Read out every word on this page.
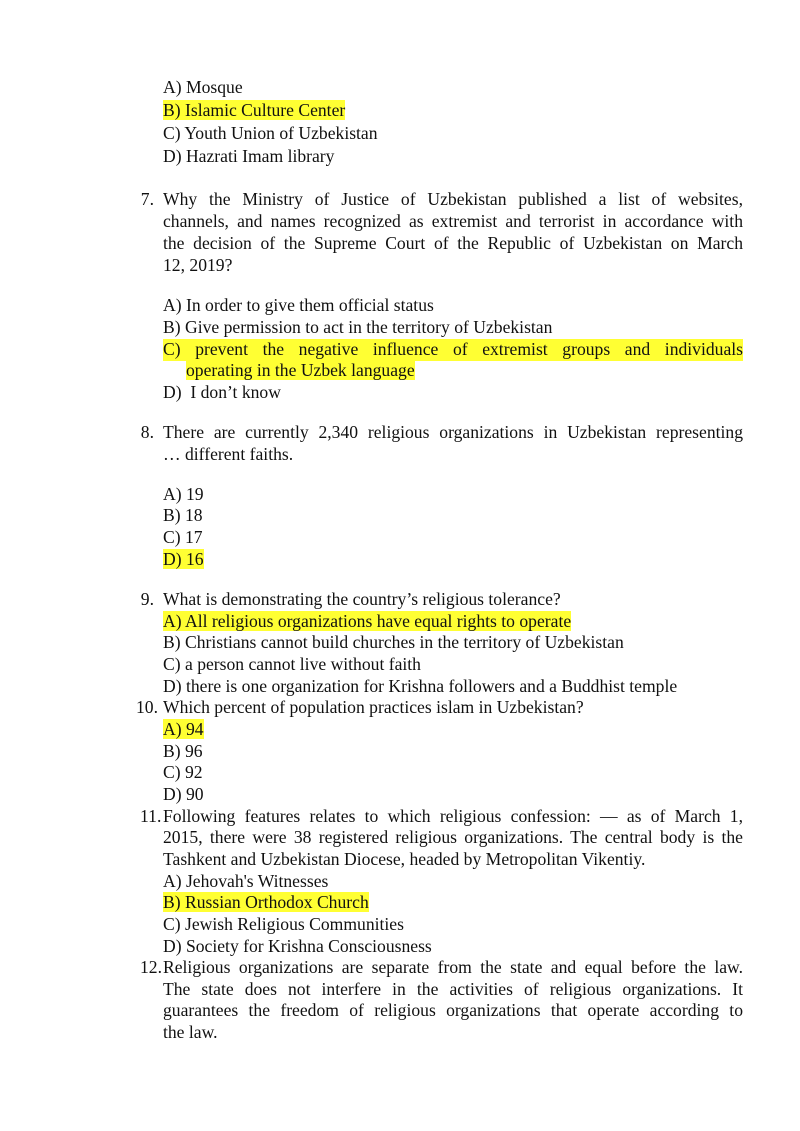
A) Mosque
B) Islamic Culture Center
C) Youth Union of Uzbekistan
D) Hazrati Imam library
7. Why the Ministry of Justice of Uzbekistan published a list of websites,
channels, and names recognized as extremist and terrorist in accordance with
the decision of the Supreme Court of the Republic of Uzbekistan on March
12, 2019?
A) In order to give them official status
B) Give permission to act in the territory of Uzbekistan
C) prevent the negative influence of extremist groups and individuals
operating in the Uzbek language
D)  I don’t know
8. There are currently 2,340 religious organizations in Uzbekistan representing
… different faiths.
A) 19
B) 18
C) 17
D) 16
9. What is demonstrating the country’s religious tolerance?
A) All religious organizations have equal rights to operate
B) Christians cannot build churches in the territory of Uzbekistan
C) a person cannot live without faith
D) there is one organization for Krishna followers and a Buddhist temple
10. Which percent of population practices islam in Uzbekistan?
A) 94
B) 96
C) 92
D) 90
11. Following features relates to which religious confession: — as of March 1,
2015, there were 38 registered religious organizations. The central body is the
Tashkent and Uzbekistan Diocese, headed by Metropolitan Vikentiy.
A) Jehovah's Witnesses
B) Russian Orthodox Church
C) Jewish Religious Communities
D) Society for Krishna Consciousness
12. Religious organizations are separate from the state and equal before the law.
The state does not interfere in the activities of religious organizations. It
guarantees the freedom of religious organizations that operate according to
the law.
